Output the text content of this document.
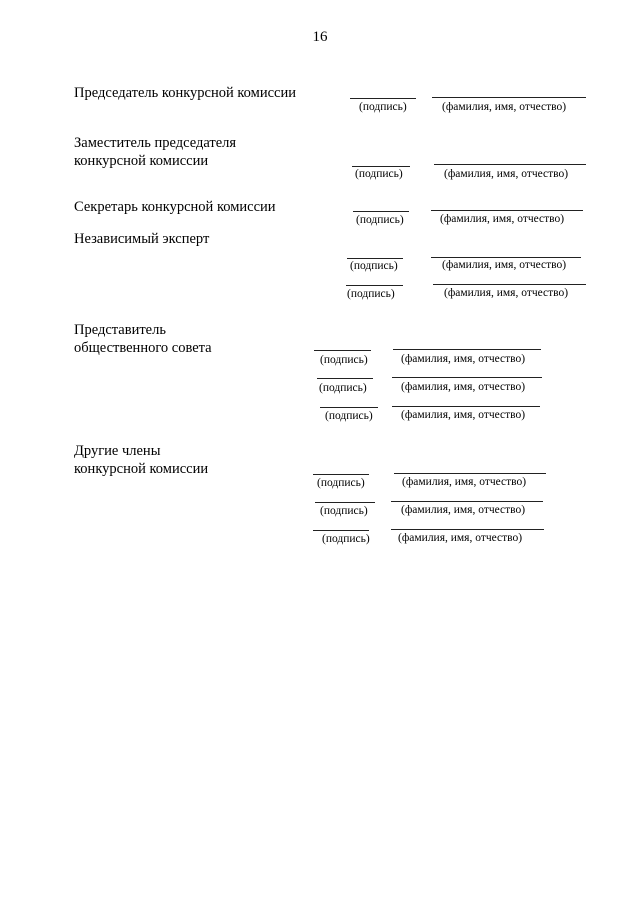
16
Председатель конкурсной комиссии
(подпись)	(фамилия, имя, отчество)
Заместитель председателя
конкурсной комиссии
(подпись)	(фамилия, имя, отчество)
Секретарь конкурсной комиссии
(подпись)	(фамилия, имя, отчество)
Независимый эксперт
(подпись)	(фамилия, имя, отчество)
(подпись)	(фамилия, имя, отчество)
Представитель
общественного совета
(подпись)	(фамилия, имя, отчество)
(подпись)	(фамилия, имя, отчество)
(подпись) (фамилия, имя, отчество)
Другие члены
конкурсной комиссии
(подпись)	(фамилия, имя, отчество)
(подпись)	(фамилия, имя, отчество)
(подпись) (фамилия, имя, отчество)
